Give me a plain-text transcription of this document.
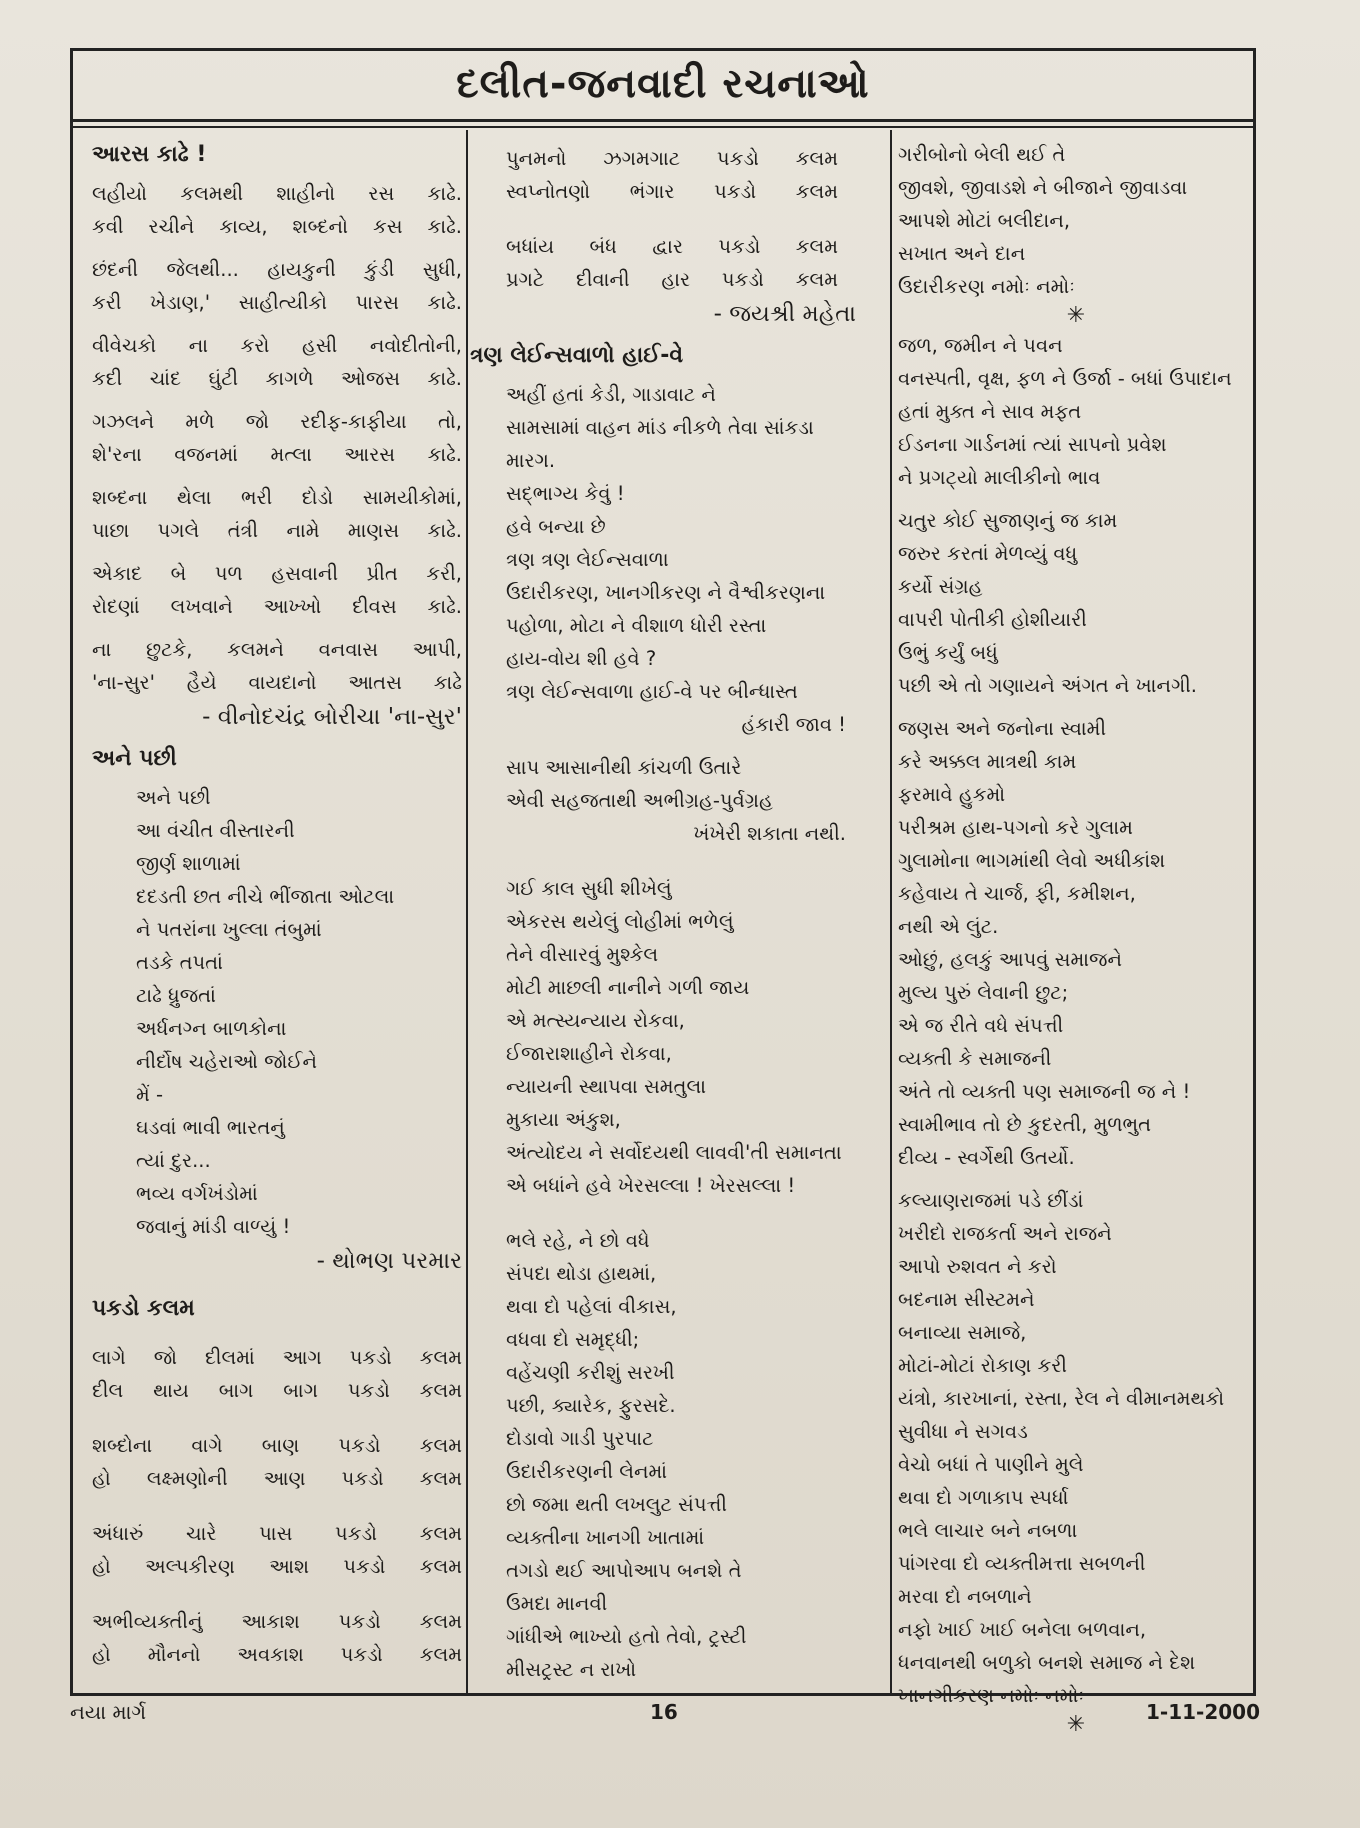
દલીત-જનવાદી રચનાઓ
આરસ કાઢે !
લહીયો કલમથી શાહીનો રસ કાઢે.
કવી રચીને કાવ્ય, શબ્દનો કસ કાઢે.
છંદની જેલથી... હાયકુની કુંડી સુધી,
કરી ખેડાણ,' સાહીત્યીકો પારસ કાઢે.
વીવેચકો ના કરો હસી નવોદીતોની,
કદી ચાંદ ઘુંટી કાગળે ઓજસ કાઢે.
ગઝલને મળે જો રદીફ-કાફીયા તો,
શે'રના વજનમાં મત્લા આરસ કાઢે.
શબ્દના થેલા ભરી દોડો સામયીકોમાં,
પાછા પગલે તંત્રી નામે માણસ કાઢે.
એકાદ બે પળ હસવાની પ્રીત કરી,
રોદણાં લખવાને આખ્ખો દીવસ કાઢે.
ના છુટકે, કલમને વનવાસ આપી,
'ના-સુર' હૈયે વાયદાનો આતસ કાઢે
- વીનોદચંદ્ર બોરીચા 'ના-સુર'
અને પછી
અને પછી
આ વંચીત વીસ્તારની
જીર્ણ શાળામાં
દદડતી છત નીચે ભીંજાતા ઓટલા
ને પતરાંના ખુલ્લા તંબુમાં
તડકે તપતાં
ટાઢે ધ્રુજતાં
અર્ધનગ્ન બાળકોના
નીર્દોષ ચહેરાઓ જોઈને
મેં -
ઘડવાં ભાવી ભારતનું
ત્યાં દુર...
ભવ્ય વર્ગખંડોમાં
જવાનું માંડી વાળ્યું !
- થોભણ પરમાર
પકડો કલમ
લાગે જો દીલમાં આગ પકડો કલમ
દીલ થાય બાગ બાગ પકડો કલમ
શબ્દોના વાગે બાણ પકડો કલમ
હો લક્ષ્મણોની આણ પકડો કલમ
અંધારું ચારે પાસ પકડો કલમ
હો અલ્પકીરણ આશ પકડો કલમ
અભીવ્યક્તીનું આકાશ પકડો કલમ
હો મૌનનો અવકાશ પકડો કલમ
પુનમનો ઝગમગાટ પકડો કલમ
સ્વપ્નોતણો ભંગાર પકડો કલમ
બધાંય બંધ દ્વાર પકડો કલમ
પ્રગટે દીવાની હાર પકડો કલમ
- જયશ્રી મહેતા
ત્રણ લેઈન્સવાળો હાઈ-વે
અહીં હતાં કેડી, ગાડાવાટ ને
સામસામાં વાહન માંડ નીકળે તેવા સાંકડા
મારગ.
સદ્‌ભાગ્ય કેવું !
હવે બન્યા છે
ત્રણ ત્રણ લેઈન્સવાળા
ઉદારીકરણ, ખાનગીકરણ ને વૈશ્વીકરણના
પહોળા, મોટા ને વીશાળ ધોરી રસ્તા
હાય-વોય શી હવે ?
ત્રણ લેઈન્સવાળા હાઈ-વે પર બીન્ધાસ્ત
હંકારી જાવ !
સાપ આસાનીથી કાંચળી ઉતારે
એવી સહજતાથી અભીગ્રહ-પુર્વગ્રહ
ખંખેરી શકાતા નથી.
ગઈ કાલ સુધી શીખેલું
એકરસ થયેલું લોહીમાં ભળેલું
તેને વીસારવું મુશ્કેલ
મોટી માછલી નાનીને ગળી જાય
એ મત્સ્યન્યાય રોકવા,
ઈજારાશાહીને રોકવા,
ન્યાયની સ્થાપવા સમતુલા
મુકાયા અંકુશ,
અંત્યોદય ને સર્વોદયથી લાવવી'તી સમાનતા
એ બધાંને હવે ખેરસલ્લા ! ખેરસલ્લા !
ભલે રહે, ને છો વધે
સંપદા થોડા હાથમાં,
થવા દો પહેલાં વીકાસ,
વધવા દો સમૃદ્ધી;
વહેંચણી કરીશું સરખી
પછી, ક્યારેક, ફુરસદે.
દોડાવો ગાડી પુરપાટ
ઉદારીકરણની લેનમાં
છો જમા થતી લખલુટ સંપત્તી
વ્યક્તીના ખાનગી ખાતામાં
તગડો થઈ આપોઆપ બનશે તે
ઉમદા માનવી
ગાંધીએ ભાખ્યો હતો તેવો, ટ્રસ્ટી
મીસટ્રસ્ટ ન રાખો
ગરીબોનો બેલી થઈ તે
જીવશે, જીવાડશે ને બીજાને જીવાડવા
આપશે મોટાં બલીદાન,
સખાત અને દાન
ઉદારીકરણ નમોઃ નમોઃ
✳
જળ, જમીન ને પવન
વનસ્પતી, વૃક્ષ, ફળ ને ઉર્જા - બધાં ઉપાદાન
હતાં મુક્ત ને સાવ મફત
ઈડનના ગાર્ડનમાં ત્યાં સાપનો પ્રવેશ
ને પ્રગટ્યો માલીકીનો ભાવ
ચતુર કોઈ સુજાણનું જ કામ
જરુર કરતાં મેળવ્યું વધુ
કર્યો સંગ્રહ
વાપરી પોતીકી હોશીયારી
ઉભું કર્યું બધું
પછી એ તો ગણાયને અંગત ને ખાનગી.
જણસ અને જનોના સ્વામી
કરે અક્કલ માત્રથી કામ
ફરમાવે હુકમો
પરીશ્રમ હાથ-પગનો કરે ગુલામ
ગુલામોના ભાગમાંથી લેવો અધીકાંશ
કહેવાય તે ચાર્જ, ફી, કમીશન,
નથી એ લુંટ.
ઓછું, હલકું આપવું સમાજને
મુલ્ય પુરું લેવાની છુટ;
એ જ રીતે વધે સંપત્તી
વ્યક્તી કે સમાજની
અંતે તો વ્યક્તી પણ સમાજની જ ને !
સ્વામીભાવ તો છે કુદરતી, મુળભુત
દીવ્ય - સ્વર્ગેથી ઉતર્યો.
કલ્યાણરાજમાં પડે છીંડાં
ખરીદો રાજકર્તા અને રાજને
આપો રુશવત ને કરો
બદનામ સીસ્ટમને
બનાવ્યા સમાજે,
મોટાં-મોટાં રોકાણ કરી
યંત્રો, કારખાનાં, રસ્તા, રેલ ને વીમાનમથકો
સુવીધા ને સગવડ
વેચો બધાં તે પાણીને મુલે
થવા દો ગળાકાપ સ્પર્ધા
ભલે લાચાર બને નબળા
પાંગરવા દો વ્યક્તીમત્તા સબળની
મરવા દો નબળાને
નફો ખાઈ ખાઈ બનેલા બળવાન,
ધનવાનથી બળુકો બનશે સમાજ ને દેશ
ખાનગીકરણ નમોઃ નમોઃ
✳
નયા માર્ગ	16	1-11-2000
